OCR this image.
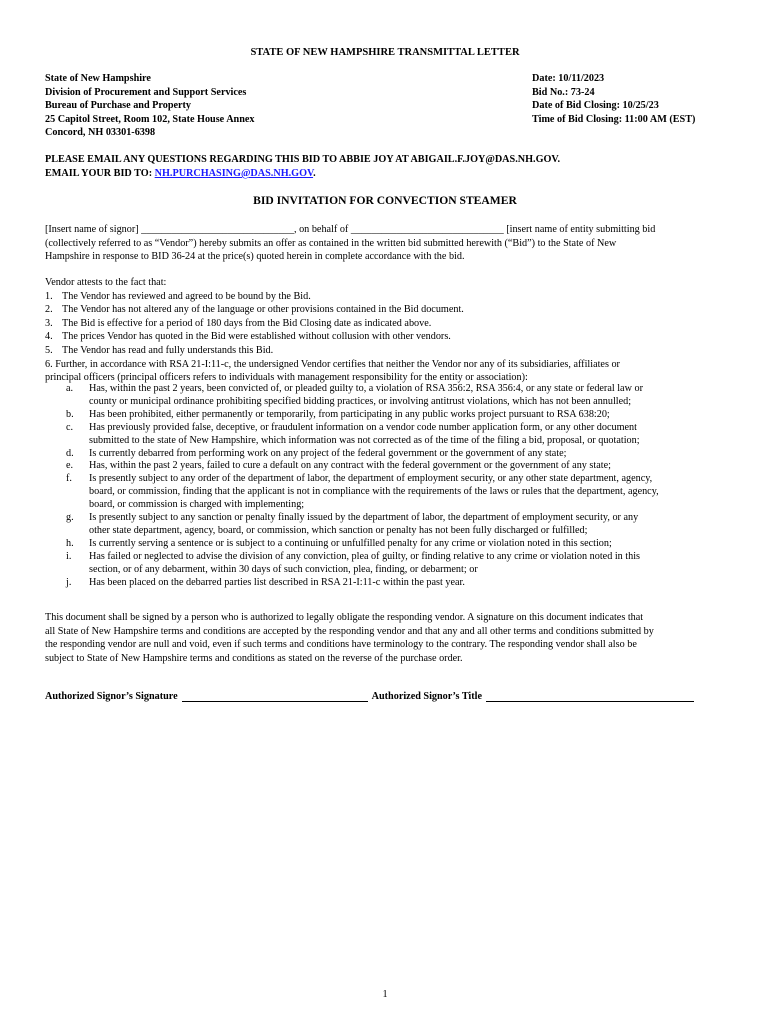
STATE OF NEW HAMPSHIRE TRANSMITTAL LETTER
State of New Hampshire
Division of Procurement and Support Services
Bureau of Purchase and Property
25 Capitol Street, Room 102, State House Annex
Concord, NH 03301-6398
Date: 10/11/2023
Bid No.: 73-24
Date of Bid Closing: 10/25/23
Time of Bid Closing: 11:00 AM (EST)
PLEASE EMAIL ANY QUESTIONS REGARDING THIS BID TO ABBIE JOY AT ABIGAIL.F.JOY@DAS.NH.GOV.
EMAIL YOUR BID TO: NH.PURCHASING@DAS.NH.GOV.
BID INVITATION FOR CONVECTION STEAMER
[Insert name of signor] ______________________________, on behalf of ______________________________ [insert name of entity submitting bid
(collectively referred to as “Vendor”) hereby submits an offer as contained in the written bid submitted herewith (“Bid”) to the State of New
Hampshire in response to BID 36-24 at the price(s) quoted herein in complete accordance with the bid.
Vendor attests to the fact that:
1. The Vendor has reviewed and agreed to be bound by the Bid.
2. The Vendor has not altered any of the language or other provisions contained in the Bid document.
3. The Bid is effective for a period of 180 days from the Bid Closing date as indicated above.
4. The prices Vendor has quoted in the Bid were established without collusion with other vendors.
5. The Vendor has read and fully understands this Bid.
6. Further, in accordance with RSA 21-I:11-c, the undersigned Vendor certifies that neither the Vendor nor any of its subsidiaries, affiliates or
principal officers (principal officers refers to individuals with management responsibility for the entity or association):
a.	Has, within the past 2 years, been convicted of, or pleaded guilty to, a violation of RSA 356:2, RSA 356:4, or any state or federal law or
county or municipal ordinance prohibiting specified bidding practices, or involving antitrust violations, which has not been annulled;
b.	Has been prohibited, either permanently or temporarily, from participating in any public works project pursuant to RSA 638:20;
c.	Has previously provided false, deceptive, or fraudulent information on a vendor code number application form, or any other document
submitted to the state of New Hampshire, which information was not corrected as of the time of the filing a bid, proposal, or quotation;
d.	Is currently debarred from performing work on any project of the federal government or the government of any state;
e.	Has, within the past 2 years, failed to cure a default on any contract with the federal government or the government of any state;
f.	Is presently subject to any order of the department of labor, the department of employment security, or any other state department, agency,
board, or commission, finding that the applicant is not in compliance with the requirements of the laws or rules that the department, agency,
board, or commission is charged with implementing;
g.	Is presently subject to any sanction or penalty finally issued by the department of labor, the department of employment security, or any
other state department, agency, board, or commission, which sanction or penalty has not been fully discharged or fulfilled;
h.	Is currently serving a sentence or is subject to a continuing or unfulfilled penalty for any crime or violation noted in this section;
i.	Has failed or neglected to advise the division of any conviction, plea of guilty, or finding relative to any crime or violation noted in this
section, or of any debarment, within 30 days of such conviction, plea, finding, or debarment; or
j.	Has been placed on the debarred parties list described in RSA 21-I:11-c within the past year.
This document shall be signed by a person who is authorized to legally obligate the responding vendor. A signature on this document indicates that
all State of New Hampshire terms and conditions are accepted by the responding vendor and that any and all other terms and conditions submitted by
the responding vendor are null and void, even if such terms and conditions have terminology to the contrary. The responding vendor shall also be
subject to State of New Hampshire terms and conditions as stated on the reverse of the purchase order.
Authorized Signor’s Signature	Authorized Signor’s Title
1
